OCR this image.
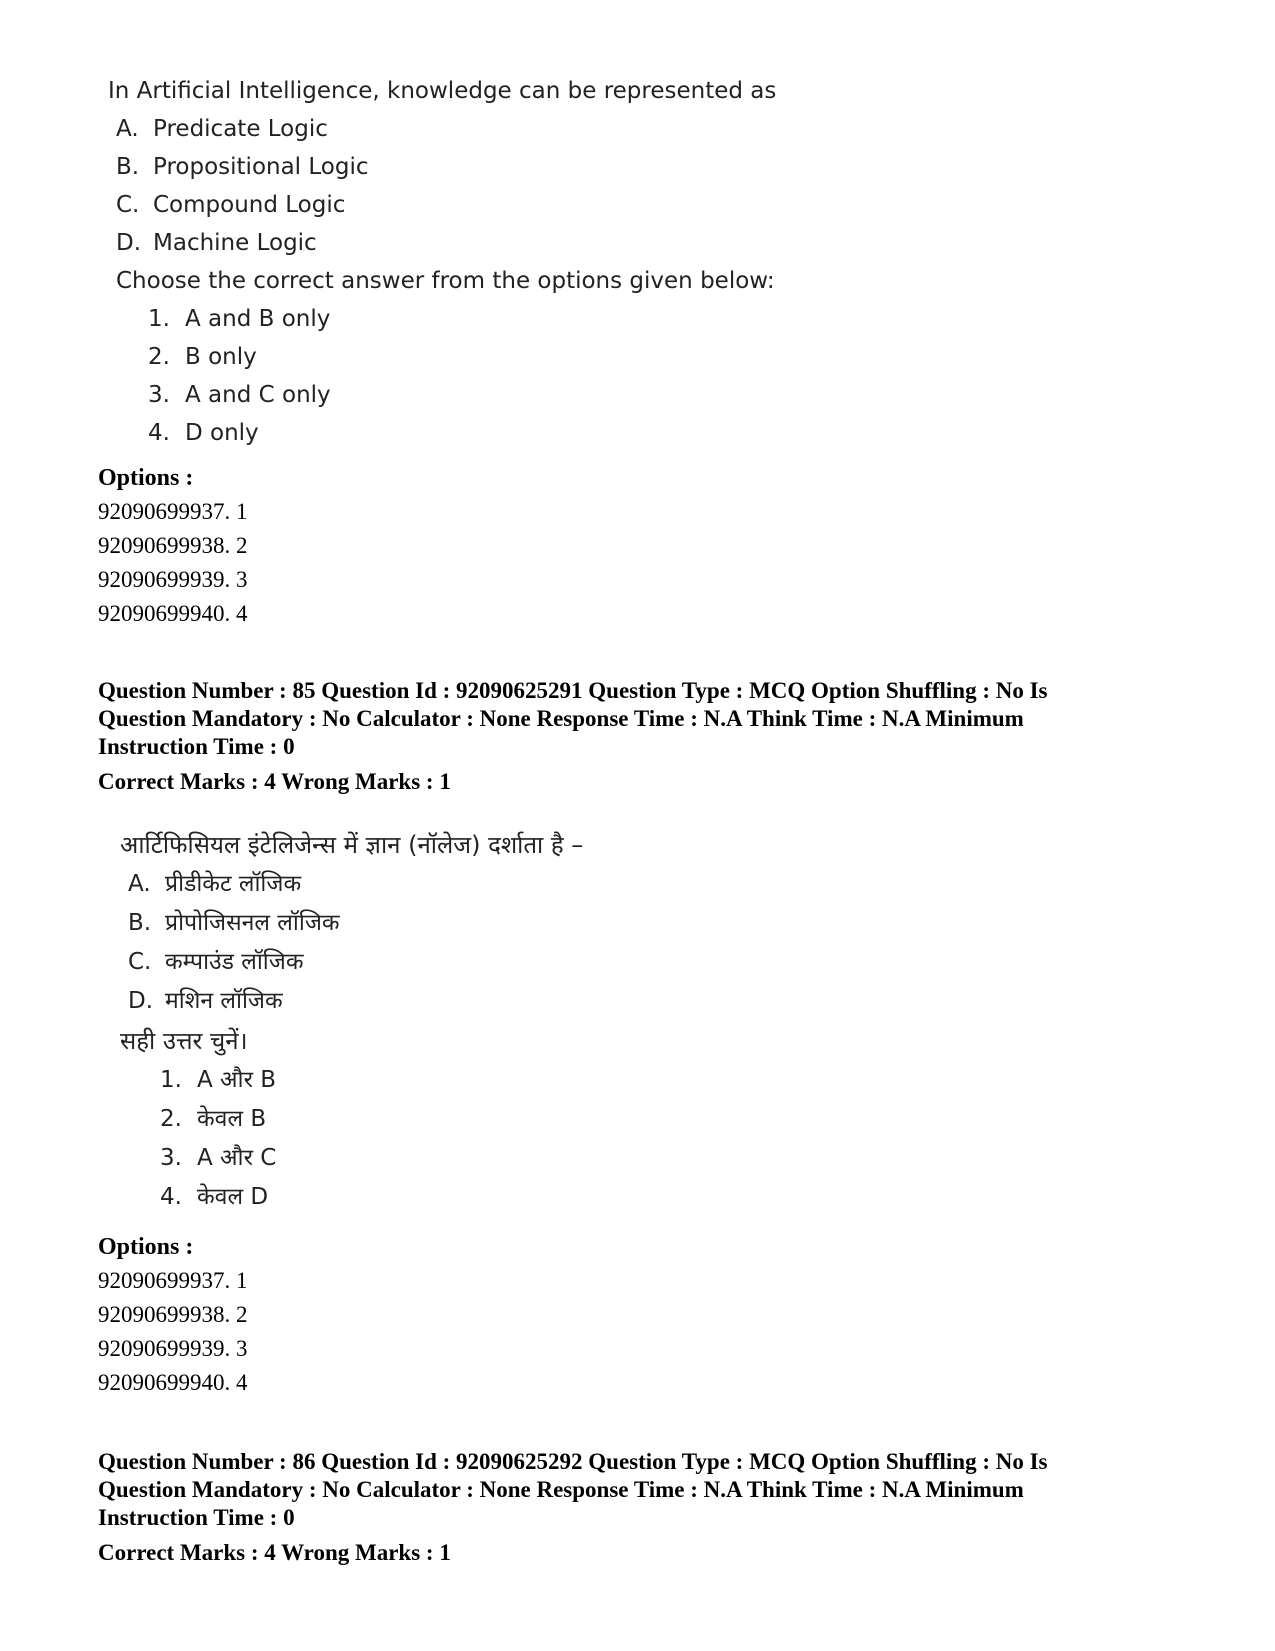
In Artificial Intelligence, knowledge can be represented as
A. Predicate Logic
B. Propositional Logic
C. Compound Logic
D. Machine Logic
Choose the correct answer from the options given below:
1. A and B only
2. B only
3. A and C only
4. D only
Options :
92090699937. 1
92090699938. 2
92090699939. 3
92090699940. 4
Question Number : 85 Question Id : 92090625291 Question Type : MCQ Option Shuffling : No Is
Question Mandatory : No Calculator : None Response Time : N.A Think Time : N.A Minimum
Instruction Time : 0
Correct Marks : 4 Wrong Marks : 1
आर्टिफिसियल इंटेलिजेन्स में ज्ञान (नॉलेज) दर्शाता है –
A. प्रीडीकेट लॉजिक
B. प्रोपोजिसनल लॉजिक
C. कम्पाउंड लॉजिक
D. मशिन लॉजिक
सही उत्तर चुनें।
1. A और B
2. केवल B
3. A और C
4. केवल D
Options :
92090699937. 1
92090699938. 2
92090699939. 3
92090699940. 4
Question Number : 86 Question Id : 92090625292 Question Type : MCQ Option Shuffling : No Is
Question Mandatory : No Calculator : None Response Time : N.A Think Time : N.A Minimum
Instruction Time : 0
Correct Marks : 4 Wrong Marks : 1
